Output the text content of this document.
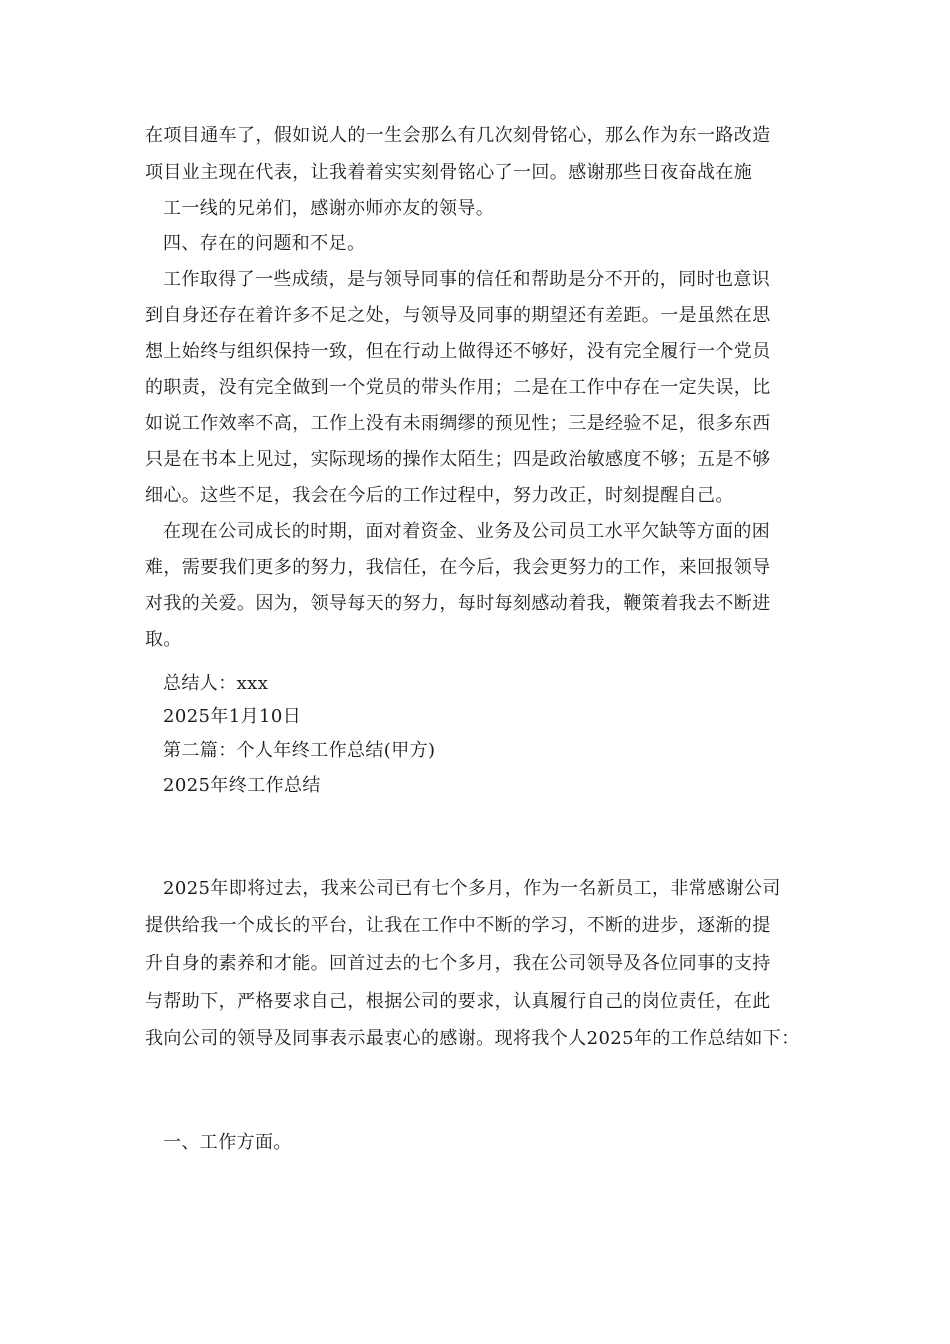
在项目通车了，假如说人的一生会那么有几次刻骨铭心，那么作为东一路改造
项目业主现在代表，让我着着实实刻骨铭心了一回。感谢那些日夜奋战在施
工一线的兄弟们，感谢亦师亦友的领导。
四、存在的问题和不足。
工作取得了一些成绩，是与领导同事的信任和帮助是分不开的，同时也意识
到自身还存在着许多不足之处，与领导及同事的期望还有差距。一是虽然在思
想上始终与组织保持一致，但在行动上做得还不够好，没有完全履行一个党员
的职责，没有完全做到一个党员的带头作用；二是在工作中存在一定失误，比
如说工作效率不高，工作上没有未雨绸缪的预见性；三是经验不足，很多东西
只是在书本上见过，实际现场的操作太陌生；四是政治敏感度不够；五是不够
细心。这些不足，我会在今后的工作过程中，努力改正，时刻提醒自己。
在现在公司成长的时期，面对着资金、业务及公司员工水平欠缺等方面的困
难，需要我们更多的努力，我信任，在今后，我会更努力的工作，来回报领导
对我的关爱。因为，领导每天的努力，每时每刻感动着我，鞭策着我去不断进
取。
总结人：xxx
2025年1月10日
第二篇：个人年终工作总结(甲方)
2025年终工作总结
2025年即将过去，我来公司已有七个多月，作为一名新员工，非常感谢公司
提供给我一个成长的平台，让我在工作中不断的学习，不断的进步，逐渐的提
升自身的素养和才能。回首过去的七个多月，我在公司领导及各位同事的支持
与帮助下，严格要求自己，根据公司的要求，认真履行自己的岗位责任，在此
我向公司的领导及同事表示最衷心的感谢。现将我个人2025年的工作总结如下：
一、工作方面。
